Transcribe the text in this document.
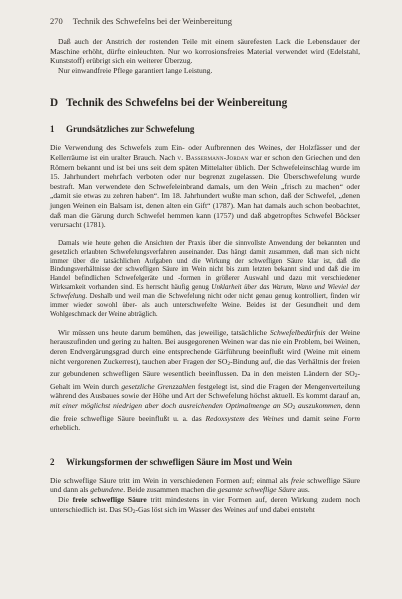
270 Technik des Schwefelns bei der Weinbereitung

Daß auch der Anstrich der rostenden Teile mit einem säurefesten Lack die Lebensdauer der Maschine erhöht, dürfte einleuchten. Nur wo korrosionsfreies Material verwendet wird (Edelstahl, Kunststoff) erübrigt sich ein weiterer Überzug.

Nur einwandfreie Pflege garantiert lange Leistung.

D Technik des Schwefelns bei der Weinbereitung
1 Grundsätzliches zur Schwefelung

Die Verwendung des Schwefels zum Ein- oder Aufbrennen des Weines, der Holzfässer und der Kellerräume ist ein uralter Brauch. Nach v. Bassermann-Jordan war er schon den Griechen und den Römern bekannt und ist bei uns seit dem späten Mittelalter üblich. Der Schwefeleinschlag wurde im 15. Jahrhundert mehrfach verboten oder nur begrenzt zugelassen. Die Überschwefelung wurde bestraft. Man verwendete den Schwefeleinbrand damals, um den Wein „frisch zu machen“ oder „damit sie etwas zu zehren haben“. Im 18. Jahrhundert wußte man schon, daß der Schwefel, „denen jungen Weinen ein Balsam ist, denen alten ein Gift“ (1787). Man hat damals auch schon beobachtet, daß man die Gärung durch Schwefel hemmen kann (1757) und daß abgetropftes Schwefel Böckser verursacht (1781).

Damals wie heute gehen die Ansichten der Praxis über die sinnvollste Anwendung der bekannten und gesetzlich erlaubten Schwefelungsverfahren auseinander. Das hängt damit zusammen, daß man sich nicht immer über die tatsächlichen Aufgaben und die Wirkung der schwefligen Säure klar ist, daß die Bindungsverhältnisse der schwefligen Säure im Wein nicht bis zum letzten bekannt sind und daß die im Handel befindlichen Schwefelgeräte und -formen in größerer Auswahl und dazu mit verschiedener Wirksamkeit vorhanden sind. Es herrscht häufig genug Unklarheit über das Warum, Wann und Wieviel der Schwefelung. Deshalb und weil man die Schwefelung nicht oder nicht genau genug kontrolliert, finden wir immer wieder sowohl über- als auch unterschwefelte Weine. Beides ist der Gesundheit und dem Wohlgeschmack der Weine abträglich.

Wir müssen uns heute darum bemühen, das jeweilige, tatsächliche Schwefelbedürfnis der Weine herauszufinden und gering zu halten. Bei ausgegorenen Weinen war das nie ein Problem, bei Weinen, deren Endvergärungsgrad durch eine entsprechende Gärführung beeinflußt wird (Weine mit einem nicht vergorenen Zuckerrest), tauchen aber Fragen der $SO_2$-Bindung auf, die das Verhältnis der freien zur gebundenen schwefligen Säure wesentlich beeinflussen. Da in den meisten Ländern der $SO_2$-Gehalt im Wein durch gesetzliche Grenzzahlen festgelegt ist, sind die Fragen der Mengenverteilung während des Ausbaues sowie der Höhe und Art der Schwefelung höchst aktuell. Es kommt darauf an, mit einer möglichst niedrigen aber doch ausreichenden Optimalmenge an $SO_2$ auszukommen, denn die freie schweflige Säure beeinflußt u. a. das Redoxsystem des Weines und damit seine Form erheblich.

2 Wirkungsformen der schwefligen Säure im Most und Wein

Die schweflige Säure tritt im Wein in verschiedenen Formen auf; einmal als freie schweflige Säure und dann als gebundene. Beide zusammen machen die gesamte schweflige Säure aus.

Die freie schweflige Säure tritt mindestens in vier Formen auf, deren Wirkung zudem noch unterschiedlich ist. Das $SO_2$-Gas löst sich im Wasser des Weines auf und dabei entsteht
